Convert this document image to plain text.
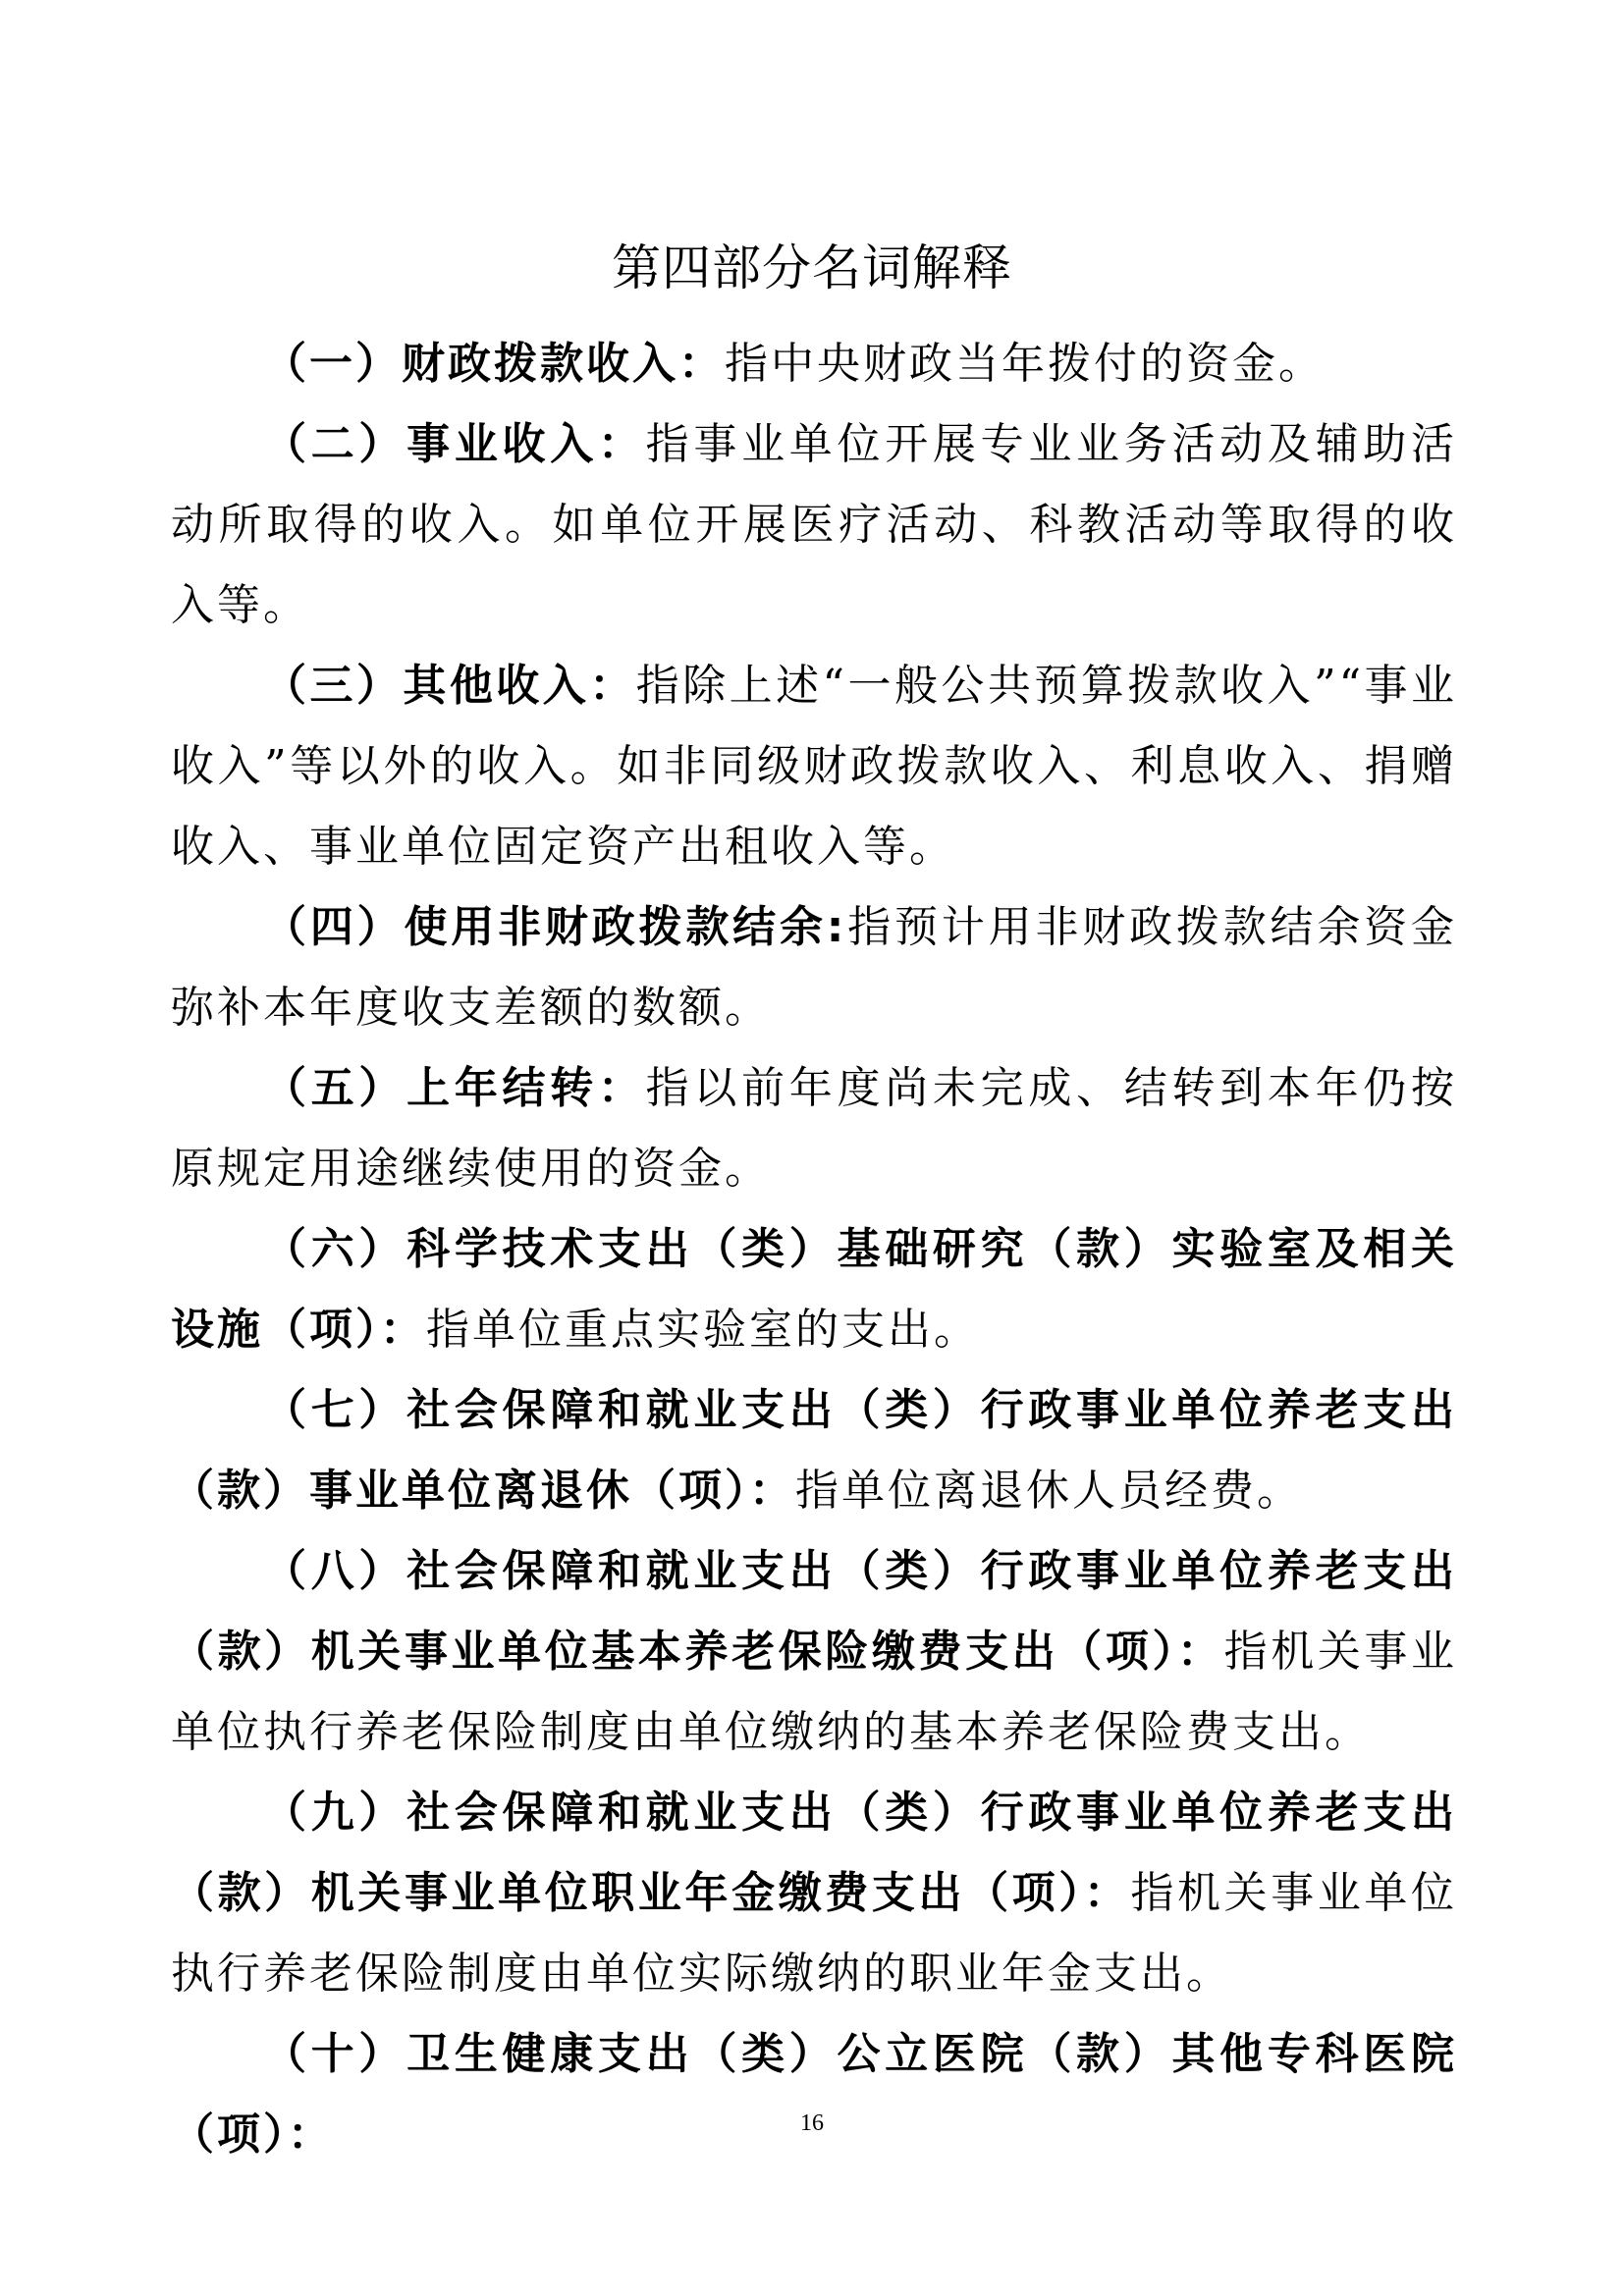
第四部分名词解释

（一）财政拨款收入：指中央财政当年拨付的资金。

（二）事业收入：指事业单位开展专业业务活动及辅助活动所取得的收入。如单位开展医疗活动、科教活动等取得的收入等。

（三）其他收入：指除上述“一般公共预算拨款收入”“事业收入”等以外的收入。如非同级财政拨款收入、利息收入、捐赠收入、事业单位固定资产出租收入等。

（四）使用非财政拨款结余:指预计用非财政拨款结余资金弥补本年度收支差额的数额。

（五）上年结转：指以前年度尚未完成、结转到本年仍按原规定用途继续使用的资金。

（六）科学技术支出（类）基础研究（款）实验室及相关设施（项）：指单位重点实验室的支出。

（七）社会保障和就业支出（类）行政事业单位养老支出（款）事业单位离退休（项）：指单位离退休人员经费。

（八）社会保障和就业支出（类）行政事业单位养老支出（款）机关事业单位基本养老保险缴费支出（项）：指机关事业单位执行养老保险制度由单位缴纳的基本养老保险费支出。

（九）社会保障和就业支出（类）行政事业单位养老支出（款）机关事业单位职业年金缴费支出（项）：指机关事业单位执行养老保险制度由单位实际缴纳的职业年金支出。

（十）卫生健康支出（类）公立医院（款）其他专科医院（项）：	16
